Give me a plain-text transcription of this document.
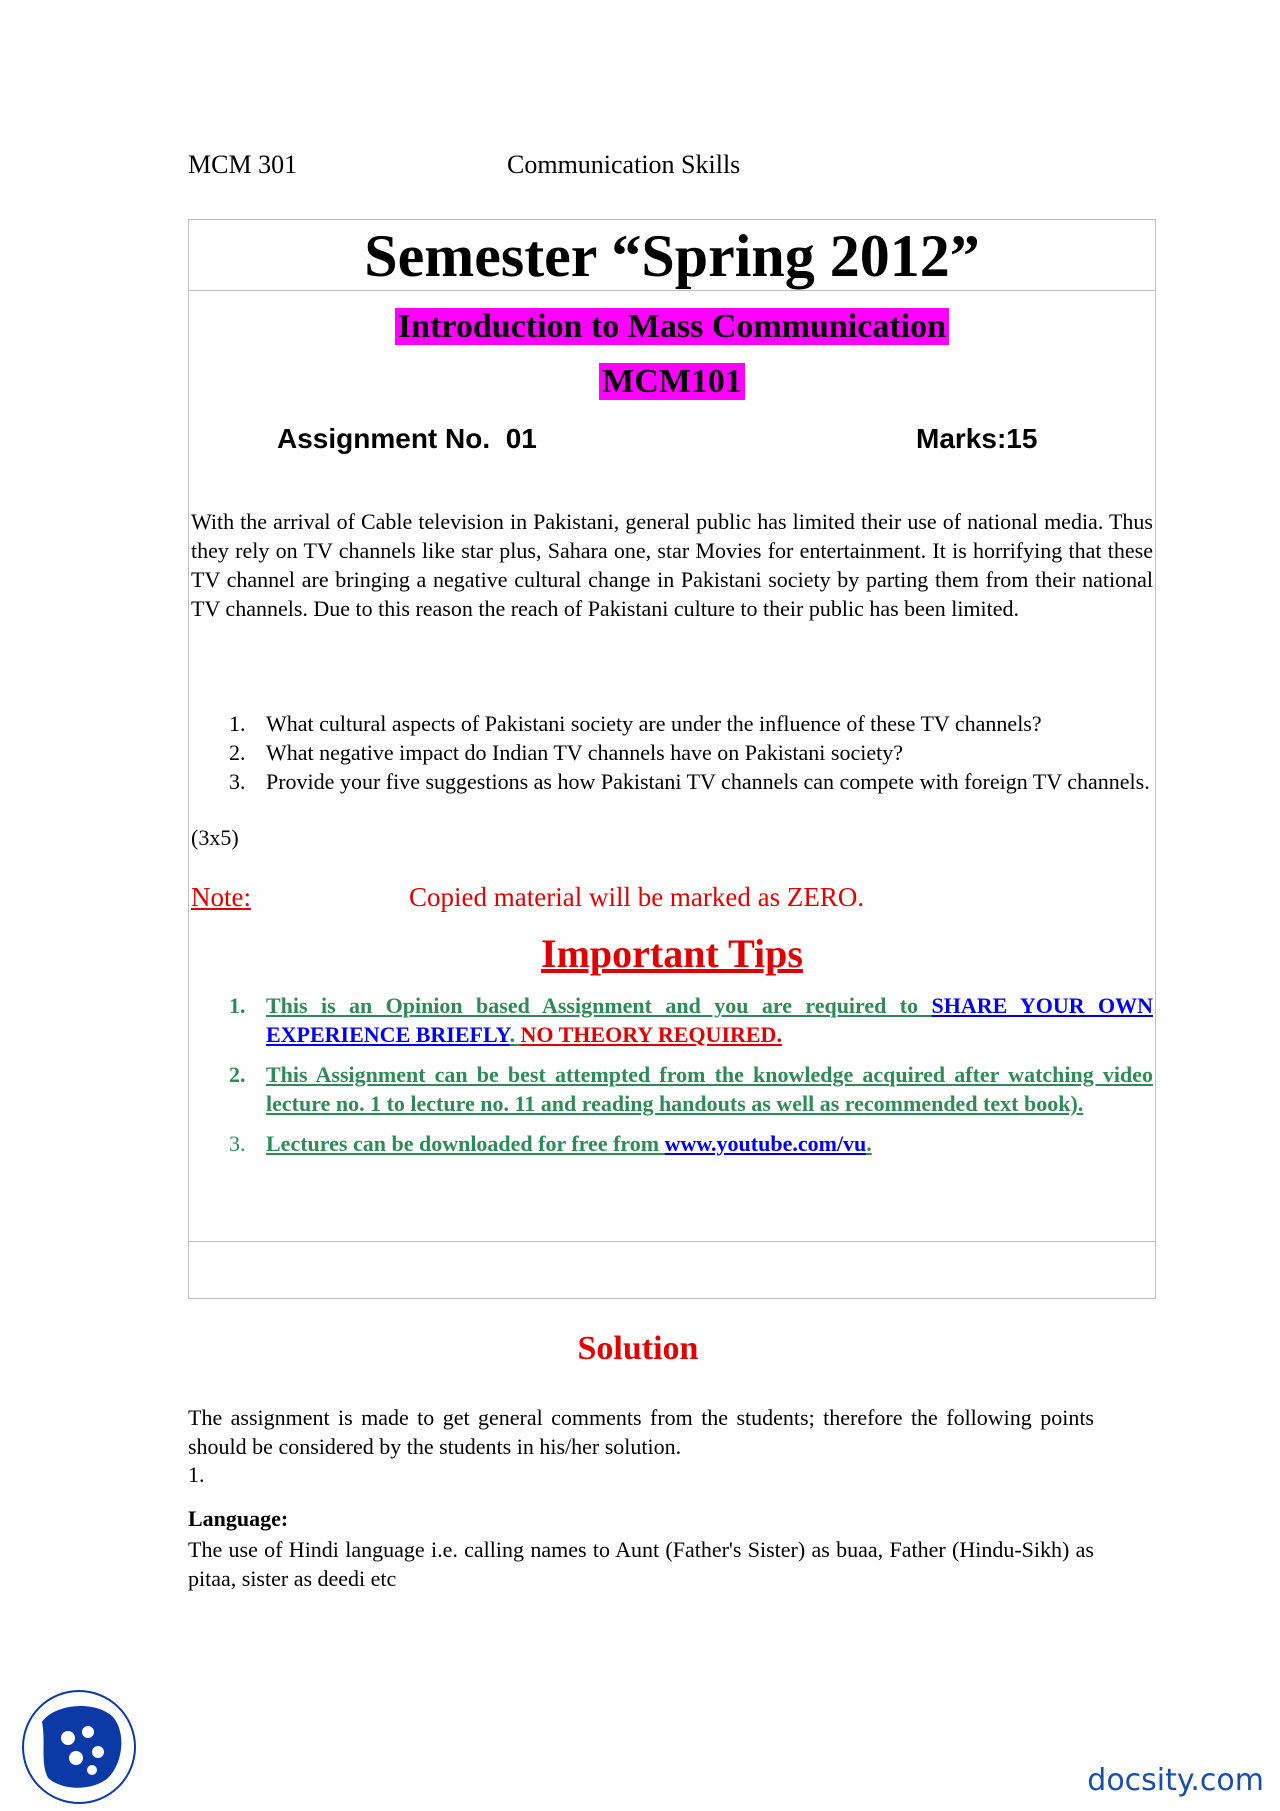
MCM 301	Communication Skills
Semester “Spring 2012”
Introduction to Mass Communication
MCM101
Assignment No.  01	Marks:15
With the arrival of Cable television in Pakistani, general public has limited their use of national media. Thus they rely on TV channels like star plus, Sahara one, star Movies for entertainment. It is horrifying that these TV channel are bringing a negative cultural change in Pakistani society by parting them from their national TV channels. Due to this reason the reach of Pakistani culture to their public has been limited.
1. What cultural aspects of Pakistani society are under the influence of these TV channels?
2. What negative impact do Indian TV channels have on Pakistani society?
3. Provide your five suggestions as how Pakistani TV channels can compete with foreign TV channels.
(3x5)
Note:	Copied material will be marked as ZERO.
Important Tips
1. This is an Opinion based Assignment and you are required to SHARE YOUR OWN EXPERIENCE BRIEFLY. NO THEORY REQUIRED.
2. This Assignment can be best attempted from the knowledge acquired after watching video lecture no. 1 to lecture no. 11 and reading handouts as well as recommended text book).
3. Lectures can be downloaded for free from www.youtube.com/vu.
Solution
The assignment is made to get general comments from the students; therefore the following points should be considered by the students in his/her solution.
1.
Language:
The use of Hindi language i.e. calling names to Aunt (Father's Sister) as buaa, Father (Hindu-Sikh) as pitaa, sister as deedi etc
docsity.com
